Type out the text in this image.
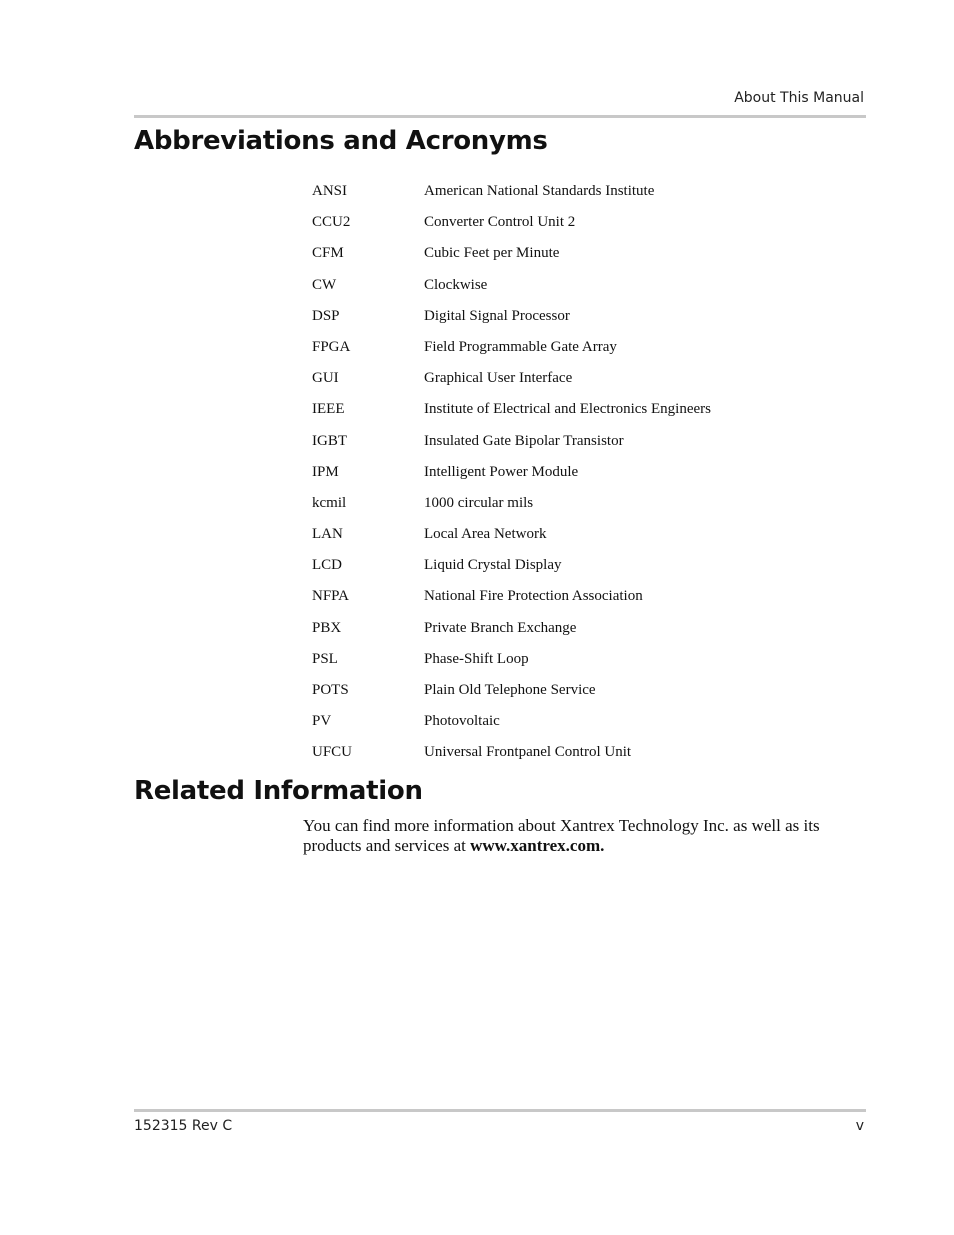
About This Manual
Abbreviations and Acronyms
ANSI	American National Standards Institute
CCU2	Converter Control Unit 2
CFM	Cubic Feet per Minute
CW	Clockwise
DSP	Digital Signal Processor
FPGA	Field Programmable Gate Array
GUI	Graphical User Interface
IEEE	Institute of Electrical and Electronics Engineers
IGBT	Insulated Gate Bipolar Transistor
IPM	Intelligent Power Module
kcmil	1000 circular mils
LAN	Local Area Network
LCD	Liquid Crystal Display
NFPA	National Fire Protection Association
PBX	Private Branch Exchange
PSL	Phase-Shift Loop
POTS	Plain Old Telephone Service
PV	Photovoltaic
UFCU	Universal Frontpanel Control Unit
Related Information

You can find more information about Xantrex Technology Inc. as well as its products and services at www.xantrex.com.

152315 Rev C	v
